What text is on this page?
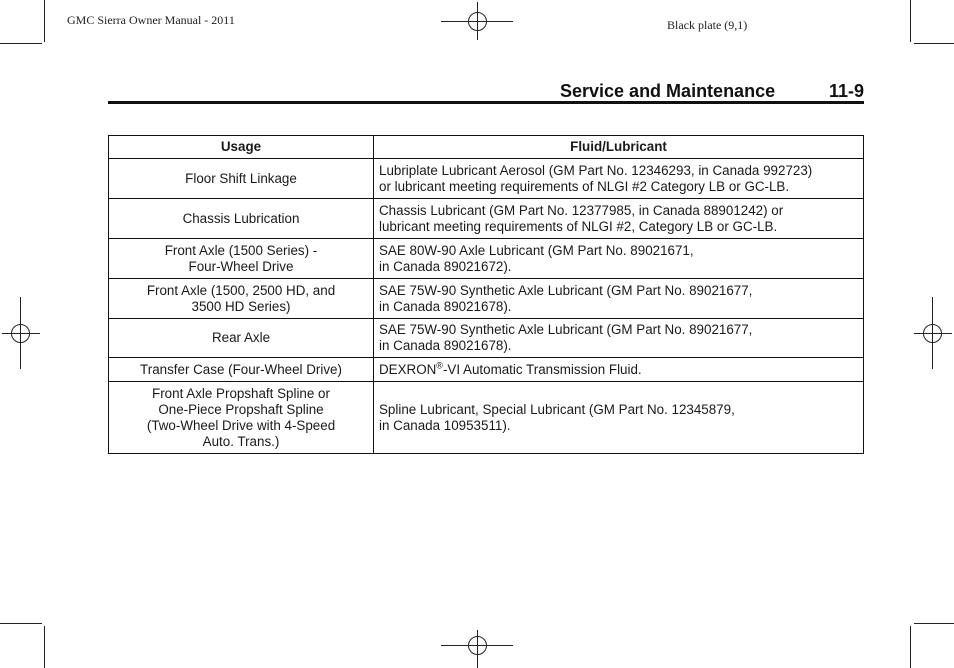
GMC Sierra Owner Manual - 2011	Black plate (9,1)
Service and Maintenance	11-9
Usage	Fluid/Lubricant

Floor Shift Linkage	Lubriplate Lubricant Aerosol (GM Part No. 12346293, in Canada 992723)
or lubricant meeting requirements of NLGI #2 Category LB or GC-LB.

Chassis Lubrication	Chassis Lubricant (GM Part No. 12377985, in Canada 88901242) or
lubricant meeting requirements of NLGI #2, Category LB or GC-LB.

Front Axle (1500 Series) -
Four-Wheel Drive	SAE 80W-90 Axle Lubricant (GM Part No. 89021671,
in Canada 89021672).

Front Axle (1500, 2500 HD, and
3500 HD Series)	SAE 75W-90 Synthetic Axle Lubricant (GM Part No. 89021677,
in Canada 89021678).

Rear Axle	SAE 75W-90 Synthetic Axle Lubricant (GM Part No. 89021677,
in Canada 89021678).

Transfer Case (Four-Wheel Drive)	DEXRON®-VI Automatic Transmission Fluid.

Front Axle Propshaft Spline or
One-Piece Propshaft Spline
(Two-Wheel Drive with 4-Speed
Auto. Trans.)	Spline Lubricant, Special Lubricant (GM Part No. 12345879,
in Canada 10953511).
